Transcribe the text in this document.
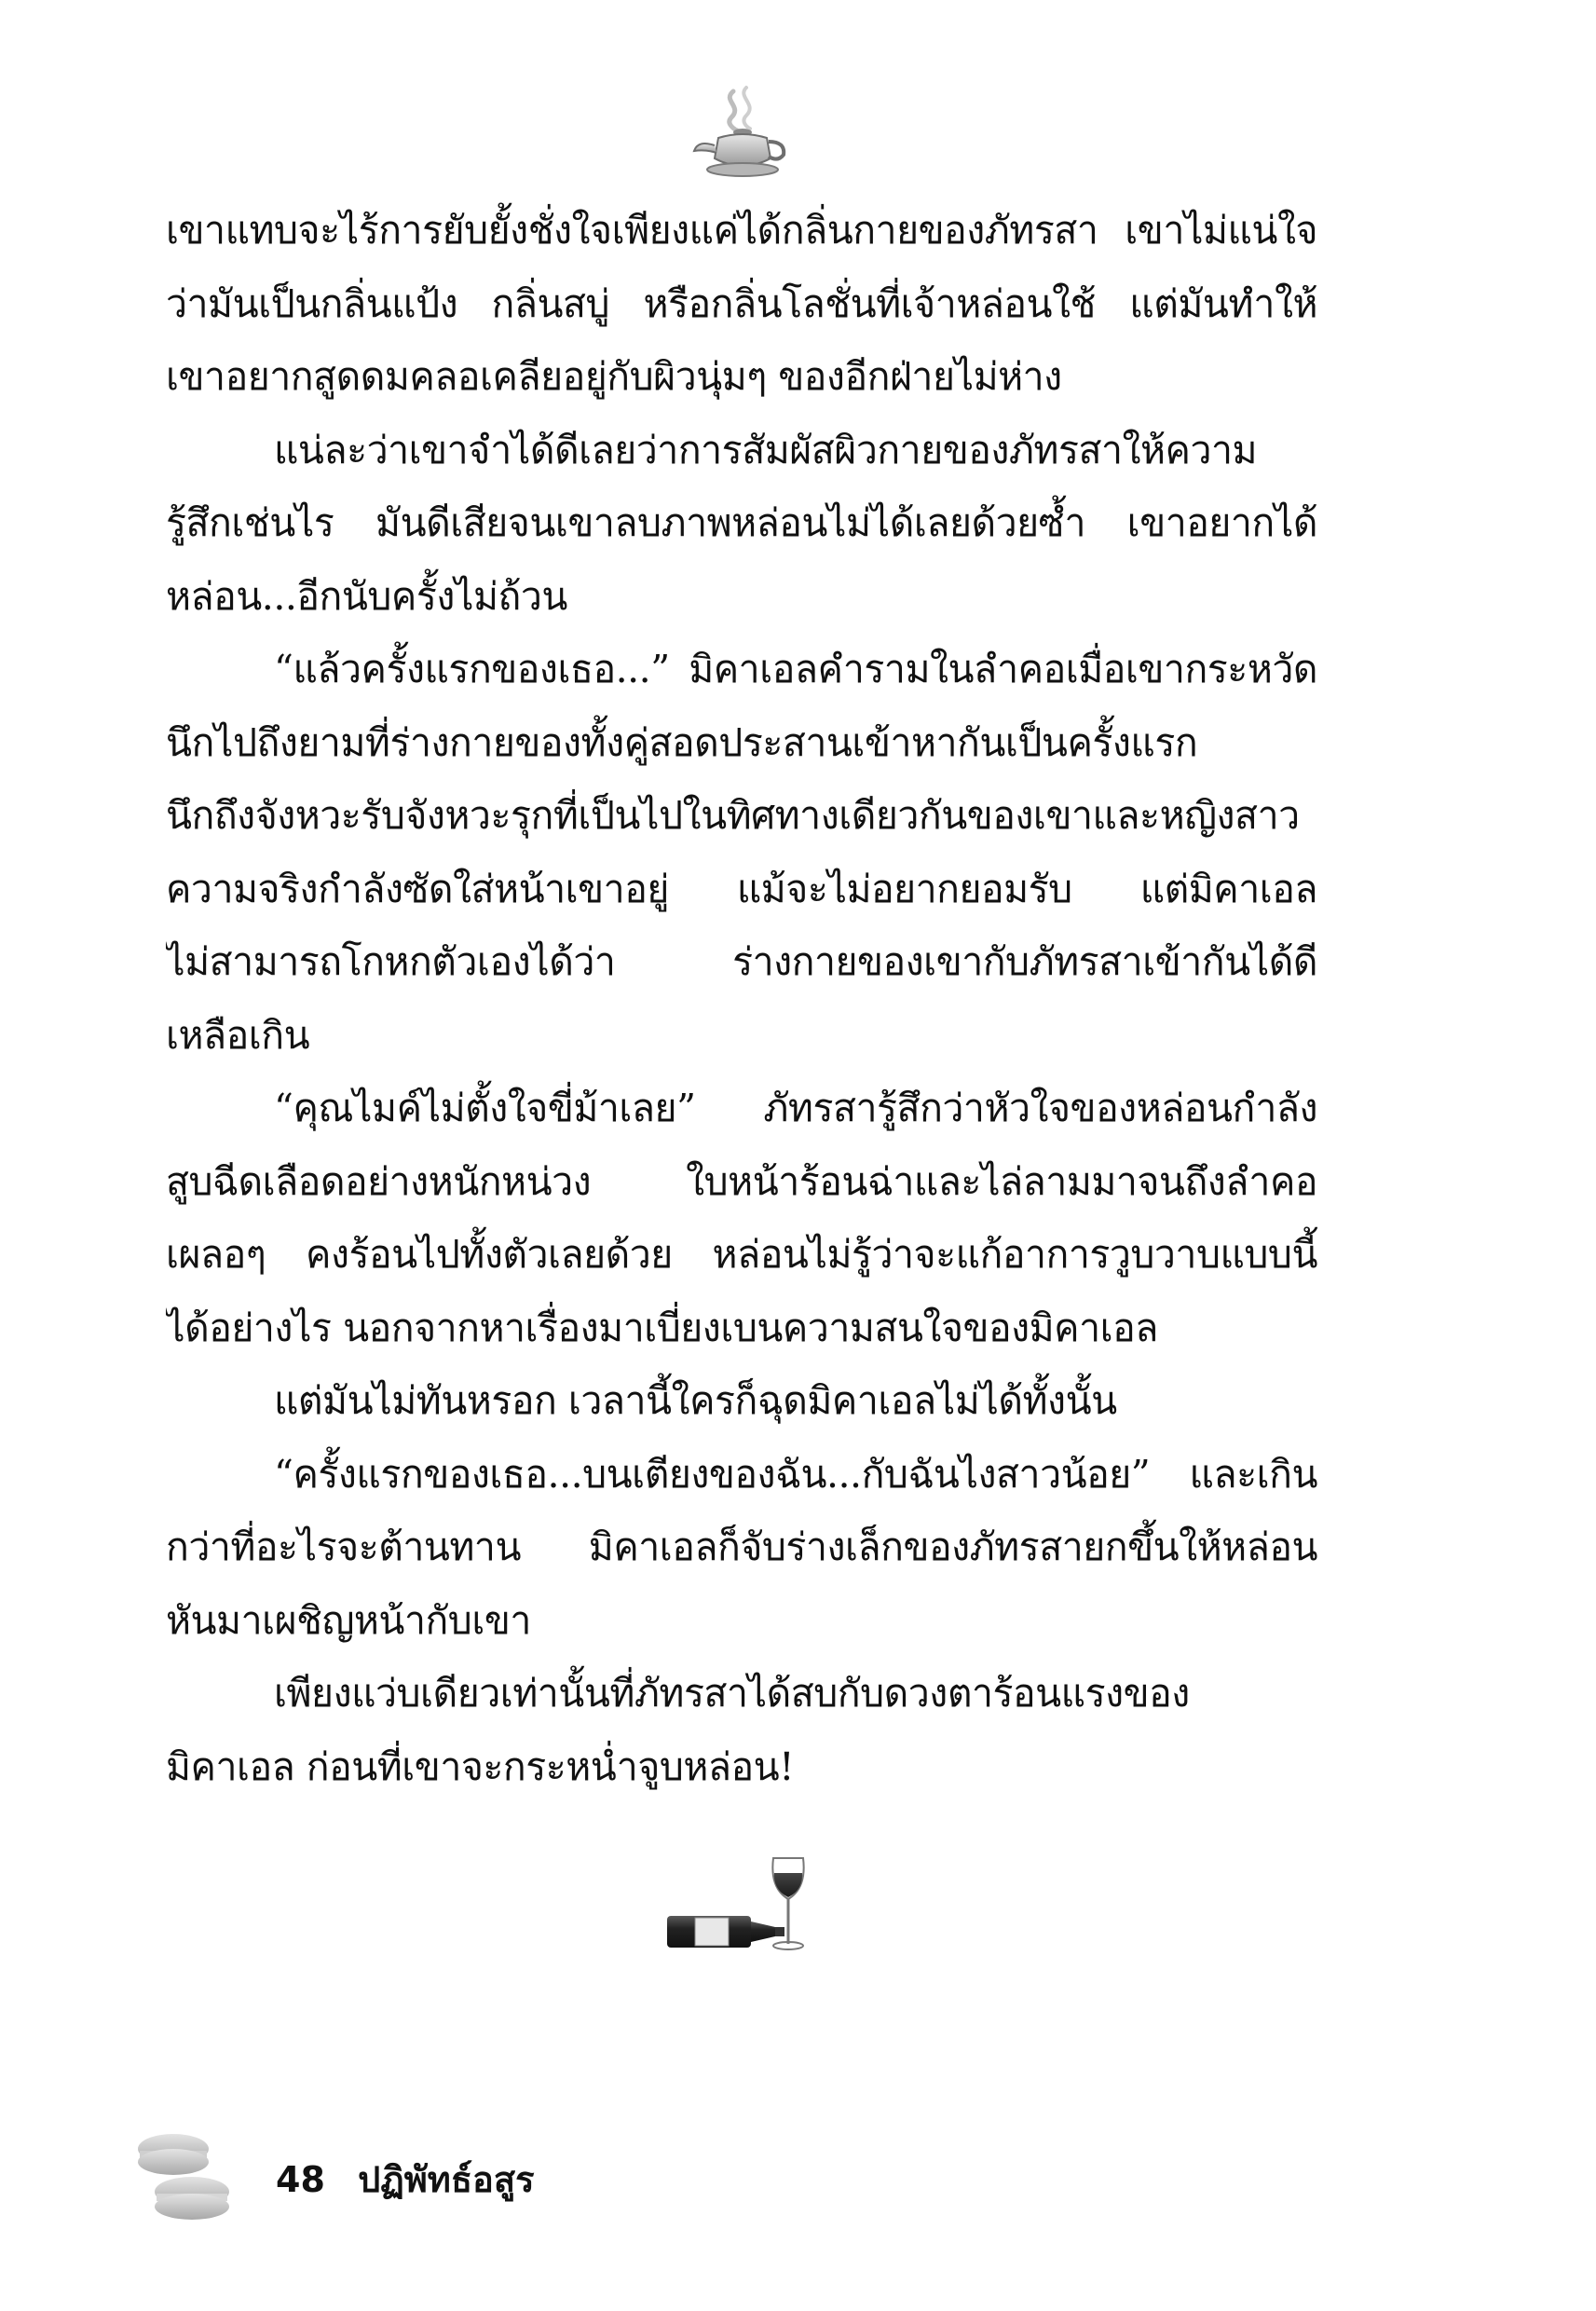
เขาแทบจะไร้การยับยั้งชั่งใจเพียงแค่ได้กลิ่นกายของภัทรสา เขาไม่แน่ใจ
ว่ามันเป็นกลิ่นแป้ง กลิ่นสบู่ หรือกลิ่นโลชั่นที่เจ้าหล่อนใช้ แต่มันทำให้
เขาอยากสูดดมคลอเคลียอยู่กับผิวนุ่มๆ ของอีกฝ่ายไม่ห่าง
แน่ละว่าเขาจำได้ดีเลยว่าการสัมผัสผิวกายของภัทรสาให้ความ
รู้สึกเช่นไร มันดีเสียจนเขาลบภาพหล่อนไม่ได้เลยด้วยซ้ำ เขาอยากได้
หล่อน...อีกนับครั้งไม่ถ้วน
“แล้วครั้งแรกของเธอ...” มิคาเอลคำรามในลำคอเมื่อเขากระหวัด
นึกไปถึงยามที่ร่างกายของทั้งคู่สอดประสานเข้าหากันเป็นครั้งแรก
นึกถึงจังหวะรับจังหวะรุกที่เป็นไปในทิศทางเดียวกันของเขาและหญิงสาว
ความจริงกำลังซัดใส่หน้าเขาอยู่ แม้จะไม่อยากยอมรับ แต่มิคาเอล
ไม่สามารถโกหกตัวเองได้ว่า ร่างกายของเขากับภัทรสาเข้ากันได้ดี
เหลือเกิน
“คุณไมค์ไม่ตั้งใจขี่ม้าเลย” ภัทรสารู้สึกว่าหัวใจของหล่อนกำลัง
สูบฉีดเลือดอย่างหนักหน่วง ใบหน้าร้อนฉ่าและไล่ลามมาจนถึงลำคอ
เผลอๆ คงร้อนไปทั้งตัวเลยด้วย หล่อนไม่รู้ว่าจะแก้อาการวูบวาบแบบนี้
ได้อย่างไร นอกจากหาเรื่องมาเบี่ยงเบนความสนใจของมิคาเอล
แต่มันไม่ทันหรอก เวลานี้ใครก็ฉุดมิคาเอลไม่ได้ทั้งนั้น
“ครั้งแรกของเธอ...บนเตียงของฉัน...กับฉันไงสาวน้อย” และเกิน
กว่าที่อะไรจะต้านทาน มิคาเอลก็จับร่างเล็กของภัทรสายกขึ้นให้หล่อน
หันมาเผชิญหน้ากับเขา
เพียงแว่บเดียวเท่านั้นที่ภัทรสาได้สบกับดวงตาร้อนแรงของ
มิคาเอล ก่อนที่เขาจะกระหน่ำจูบหล่อน!
48 ปฏิพัทธ์อสูร
